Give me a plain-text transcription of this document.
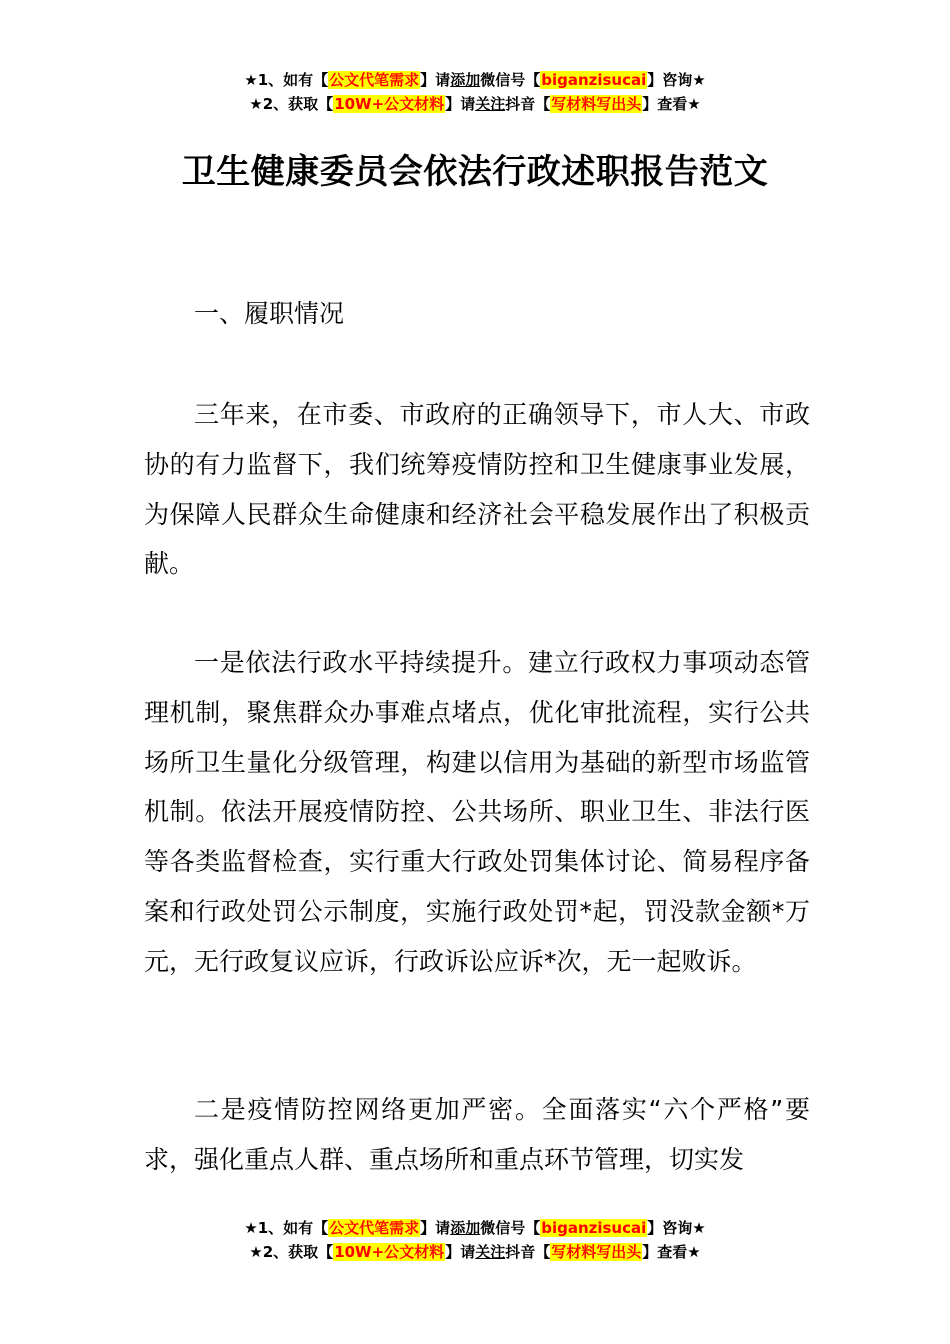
★1、如有【公文代笔需求】请添加微信号【biganzisucai】咨询★
★2、获取【10W+公文材料】请关注抖音【写材料写出头】查看★
卫生健康委员会依法行政述职报告范文
一、履职情况
三年来，在市委、市政府的正确领导下，市人大、市政协的有力监督下，我们统筹疫情防控和卫生健康事业发展，为保障人民群众生命健康和经济社会平稳发展作出了积极贡献。
一是依法行政水平持续提升。建立行政权力事项动态管理机制，聚焦群众办事难点堵点，优化审批流程，实行公共场所卫生量化分级管理，构建以信用为基础的新型市场监管机制。依法开展疫情防控、公共场所、职业卫生、非法行医等各类监督检查，实行重大行政处罚集体讨论、简易程序备案和行政处罚公示制度，实施行政处罚*起，罚没款金额*万元，无行政复议应诉，行政诉讼应诉*次，无一起败诉。
二是疫情防控网络更加严密。全面落实“六个严格”要求，强化重点人群、重点场所和重点环节管理，切实发
★1、如有【公文代笔需求】请添加微信号【biganzisucai】咨询★
★2、获取【10W+公文材料】请关注抖音【写材料写出头】查看★
